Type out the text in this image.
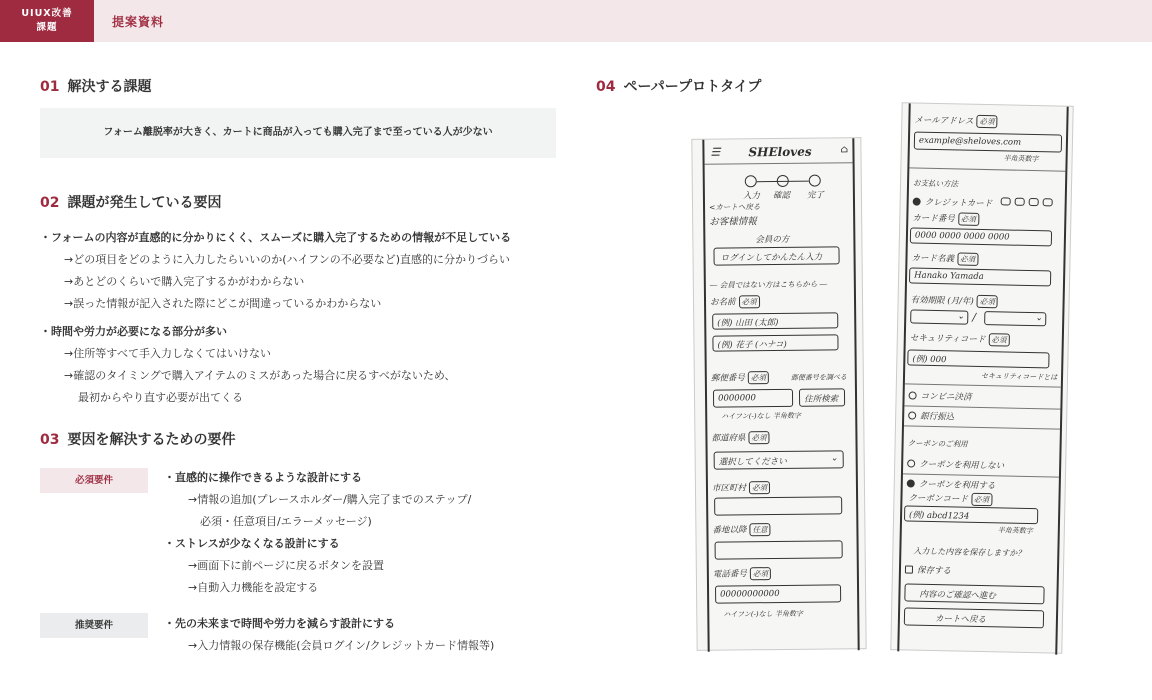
UIUX改善
課題	提案資料
01 解決する課題
フォーム離脱率が大きく、カートに商品が入っても購入完了まで至っている人が少ない
02 課題が発生している要因
・フォームの内容が直感的に分かりにくく、スムーズに購入完了するための情報が不足している
→どの項目をどのように入力したらいいのか(ハイフンの不必要など)直感的に分かりづらい
→あとどのくらいで購入完了するかがわからない
→誤った情報が記入された際にどこが間違っているかわからない
・時間や労力が必要になる部分が多い
→住所等すべて手入力しなくてはいけない
→確認のタイミングで購入アイテムのミスがあった場合に戻るすべがないため、
最初からやり直す必要が出てくる
03 要因を解決するための要件
必須要件	・直感的に操作できるような設計にする
→情報の追加(プレースホルダー/購入完了までのステップ/
必須・任意項目/エラーメッセージ)
・ストレスが少なくなる設計にする
→画面下に前ページに戻るボタンを設置
→自動入力機能を設定する
推奨要件	・先の未来まで時間や労力を減らす設計にする
→入力情報の保存機能(会員ログイン/クレジットカード情報等)
04 ペーパープロトタイプ
☰ SHEloves	⌂
入力 確認 完了
<カートへ戻る
お客様情報
会員の方
ログインしてかんたん入力
― 会員ではない方はこちらから ―
お名前 必須
(例) 山田 (太郎)
(例) 花子 (ハナコ)
郵便番号 必須	郵便番号を調べる
0000000	住所検索
ハイフン(-)なし 半角数字
都道府県 必須
選択してください	⌄
市区町村 必須
番地以降 任意
電話番号 必須
00000000000
ハイフン(-)なし 半角数字
メールアドレス 必須
example@sheloves.com
半角英数字
お支払い方法
クレジットカード
カード番号 必須
0000 0000 0000 0000
カード名義 必須
Hanako Yamada
有効期限 (月/年) 必須
⌄ /	⌄
セキュリティコード 必須
(例) 000
セキュリティコードとは
コンビニ決済
銀行振込
クーポンのご利用
クーポンを利用しない
クーポンを利用する
クーポンコード 必須
(例) abcd1234
半角英数字
入力した内容を保存しますか？
保存する
内容のご確認へ進む
カートへ戻る
